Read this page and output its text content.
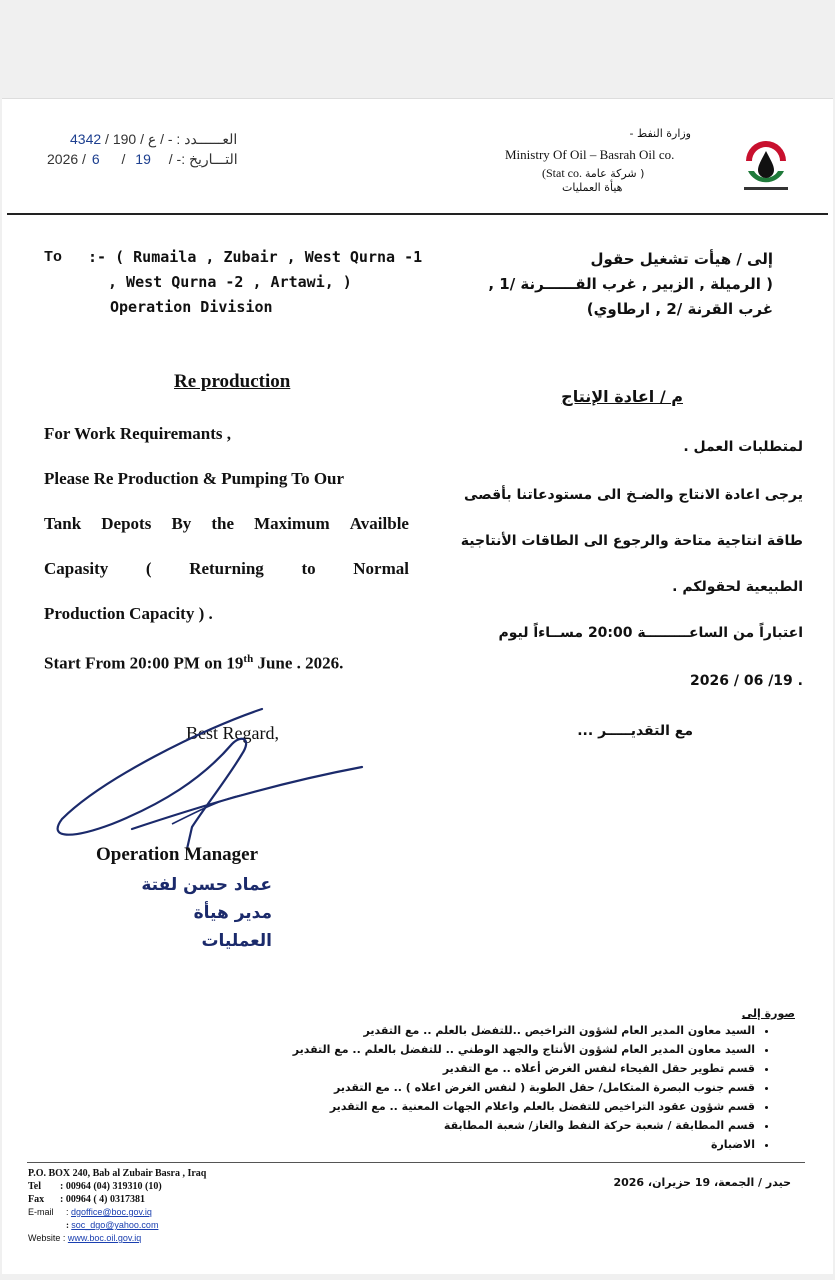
وزارة النفط -
Ministry Of Oil – Basrah Oil co.
(Stat co. شركة عامة )
هيأة العمليات
4342 العــــــدد : - / ع / 190 /
2026 / 6 / 19 التـــاريخ :- /
To :- ( Rumaila , Zubair , West Qurna -1
, West Qurna -2 , Artawi, )
Operation Division
إلى / هيأت تشغيل حقول
( الرميلة , الزبير , غرب القــــــرنة /1 ,
غرب القرنة /2 , ارطاوي)
Re production
م / اعادة الإنتاج
For Work Requiremants ,
Please Re Production & Pumping To Our
Tank Depots By the Maximum Availble
Capasity ( Returning to Normal
Production Capacity ) .
Start From 20:00 PM on 19th June . 2026.
لمتطلبات العمل .
يرجى اعادة الانتاج والضـخ الى مستودعاتنا بأقصى
طاقة انتاجية متاحة والرجوع الى الطاقات الأنتاجية
الطبيعية لحقولكم .
اعتباراً من الساعـــــــــة 20:00 مســاءاً ليوم
2026 / 06 /19 .
مع التقديـــــر ...
Best Regard,
Operation Manager
عماد حسن لفتة
مدير هيأة العمليات
صورة إلى
• السيد معاون المدير العام لشؤون التراخيص ..للتفضل بالعلم .. مع التقدير
• السيد معاون المدير العام لشؤون الأنتاج والجهد الوطني .. للتفضل بالعلم .. مع التقدير
• قسم تطوير حقل الفيحاء لنفس الغرض أعلاه .. مع التقدير
• قسم جنوب البصرة المتكامل/ حقل الطوبة ( لنفس الغرض اعلاه ) .. مع التقدير
• قسم شؤون عقود التراخيص للتفضل بالعلم واعلام الجهات المعنية .. مع التقدير
• قسم المطابقة / شعبة حركة النفط والغاز/ شعبة المطابقة
• الاضبارة
P.O. BOX 240, Bab al Zubair Basra , Iraq
Tel : 00964 (04) 319310 (10)
Fax : 00964 ( 4) 0317381
E-mail : dgoffice@boc.gov.iq
: soc_dgo@yahoo.com
Website : www.boc.oil.gov.iq
حيدر / الجمعة، 19 حزيران، 2026
